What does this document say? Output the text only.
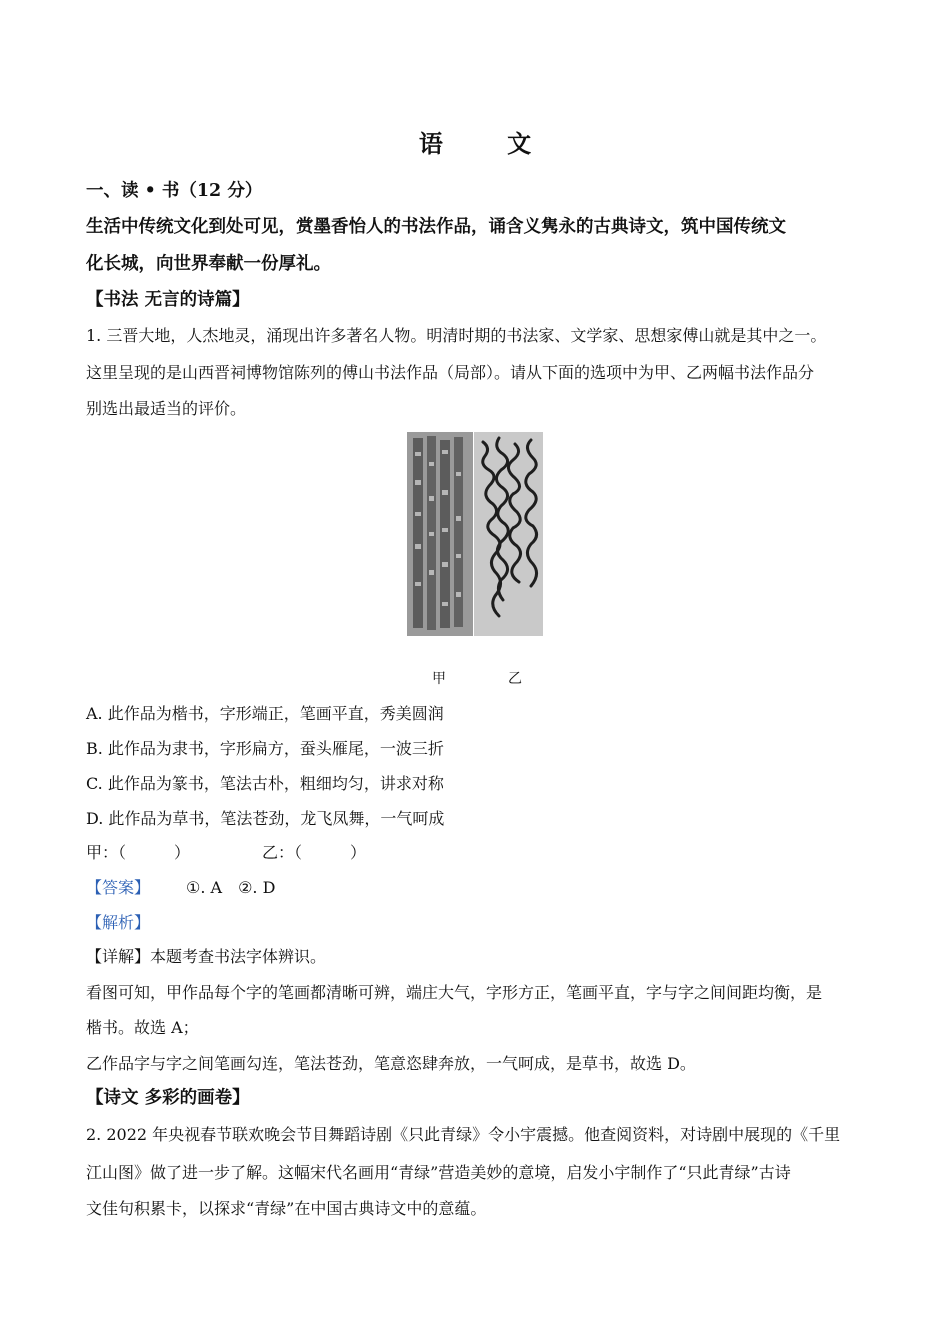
语 文
一、读 • 书（12 分）
生活中传统文化到处可见，赏墨香怡人的书法作品，诵含义隽永的古典诗文，筑中国传统文
化长城，向世界奉献一份厚礼。
【书法 无言的诗篇】
1. 三晋大地，人杰地灵，涌现出许多著名人物。明清时期的书法家、文学家、思想家傅山就是其中之一。
这里呈现的是山西晋祠博物馆陈列的傅山书法作品（局部）。请从下面的选项中为甲、乙两幅书法作品分
别选出最适当的评价。
甲	乙
A. 此作品为楷书，字形端正，笔画平直，秀美圆润
B. 此作品为隶书，字形扁方，蚕头雁尾，一波三折
C. 此作品为篆书，笔法古朴，粗细均匀，讲求对称
D. 此作品为草书，笔法苍劲，龙飞凤舞，一气呵成
甲：（　　　）　　　　　乙：（　　　）
【答案】 ①. A　②. D
【解析】
【详解】本题考查书法字体辨识。
看图可知，甲作品每个字的笔画都清晰可辨，端庄大气，字形方正，笔画平直，字与字之间间距均衡，是
楷书。故选 A；
乙作品字与字之间笔画勾连，笔法苍劲，笔意恣肆奔放，一气呵成，是草书，故选 D。
【诗文 多彩的画卷】
2. 2022 年央视春节联欢晚会节目舞蹈诗剧《只此青绿》令小宇震撼。他查阅资料，对诗剧中展现的《千里
江山图》做了进一步了解。这幅宋代名画用“青绿”营造美妙的意境，启发小宇制作了“只此青绿”古诗
文佳句积累卡，以探求“青绿”在中国古典诗文中的意蕴。
